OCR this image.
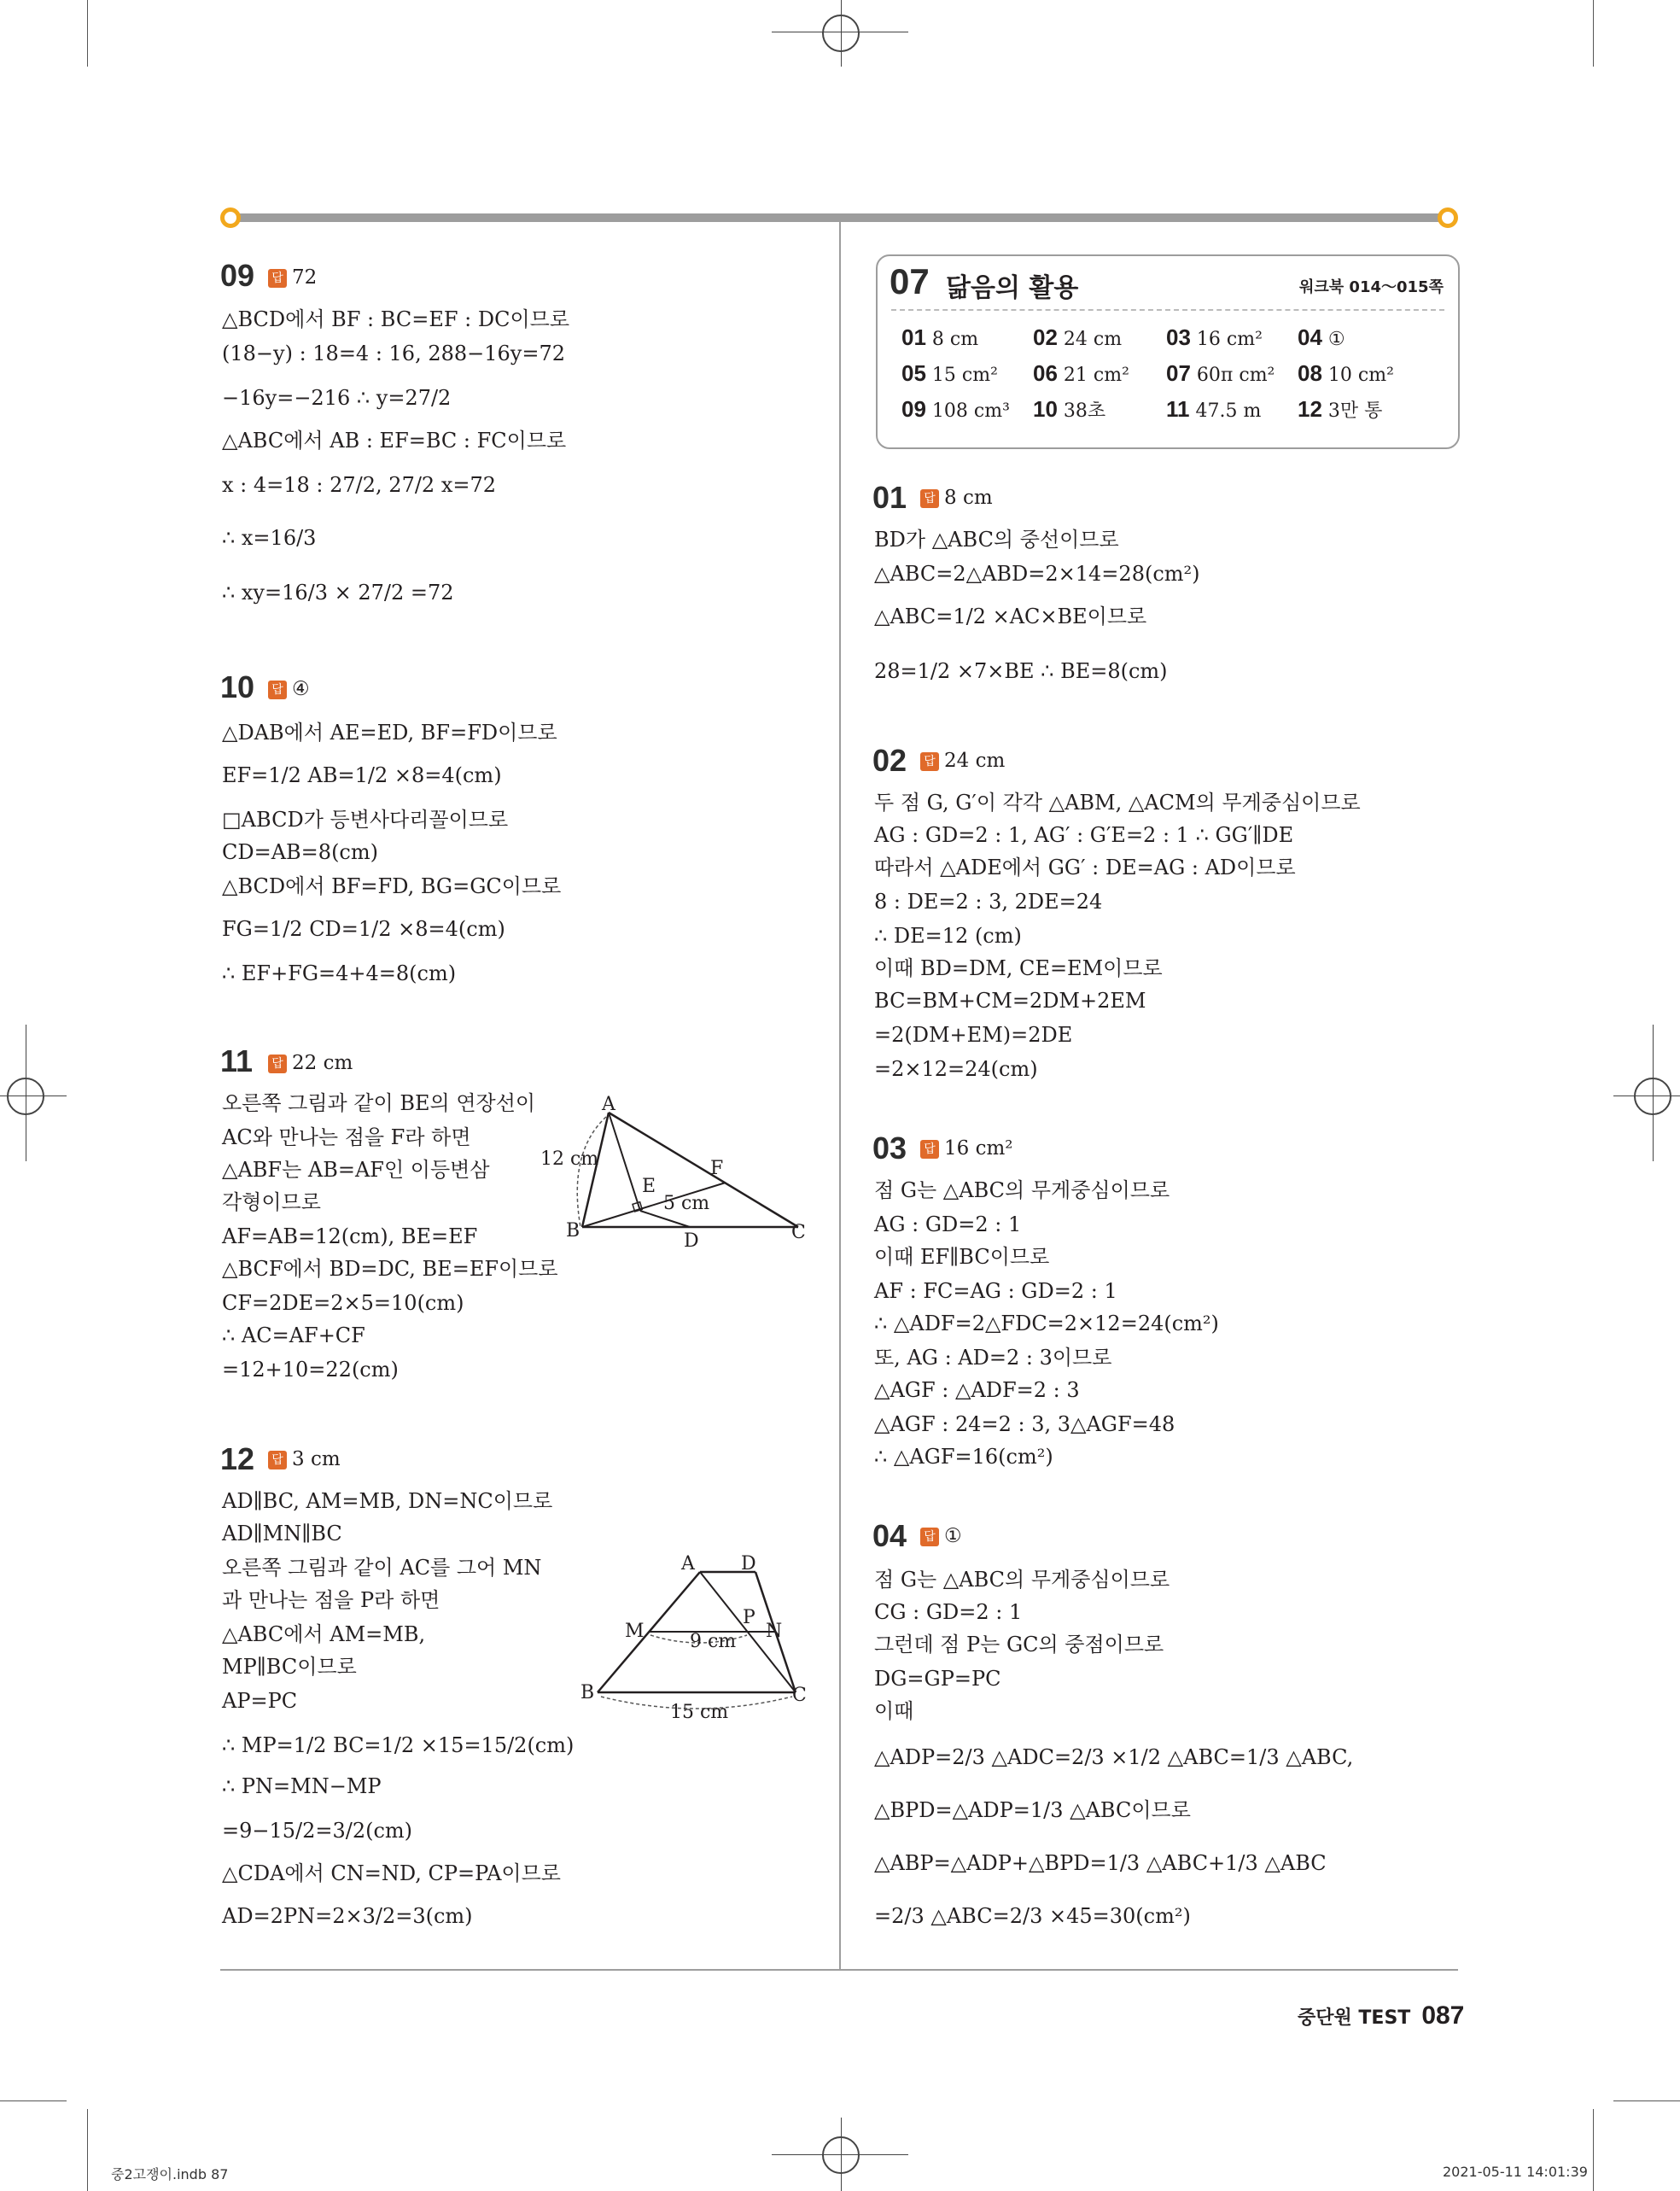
09	답 72
△BCD에서 BF : BC=EF : DC이므로
(18−y) : 18=4 : 16, 288−16y=72
−16y=−216 ∴ y=27/2
△ABC에서 AB : EF=BC : FC이므로
x : 4=18 : 27/2, 27/2 x=72
∴ x=16/3
∴ xy=16/3 × 27/2 =72
10	답 ④
△DAB에서 AE=ED, BF=FD이므로
EF=1/2 AB=1/2 ×8=4(cm)
□ABCD가 등변사다리꼴이므로
CD=AB=8(cm)
△BCD에서 BF=FD, BG=GC이므로
FG=1/2 CD=1/2 ×8=4(cm)
∴ EF+FG=4+4=8(cm)
11	답 22 cm
오른쪽 그림과 같이 BE의 연장선이
AC와 만나는 점을 F라 하면
△ABF는 AB=AF인 이등변삼
각형이므로
AF=AB=12(cm), BE=EF
△BCF에서 BD=DC, BE=EF이므로
CF=2DE=2×5=10(cm)
∴ AC=AF+CF
=12+10=22(cm)
A
B	C
D
E
F
12 cm
5 cm
12	답 3 cm
AD∥BC, AM=MB, DN=NC이므로
AD∥MN∥BC
오른쪽 그림과 같이 AC를 그어 MN
과 만나는 점을 P라 하면
△ABC에서 AM=MB,
MP∥BC이므로
AP=PC
∴ MP=1/2 BC=1/2 ×15=15/2(cm)
∴ PN=MN−MP
=9−15/2=3/2(cm)
△CDA에서 CN=ND, CP=PA이므로
AD=2PN=2×3/2=3(cm)
A D
M	N
P
B	C
9 cm
15 cm
07 닮음의 활용	워크북 014～015쪽
01 8 cm 02 24 cm 03 16 cm² 04 ①
05 15 cm² 06 21 cm² 07 60π cm² 08 10 cm²
09 108 cm³ 10 38초	11 47.5 m 12 3만 통
01	답 8 cm
BD가 △ABC의 중선이므로
△ABC=2△ABD=2×14=28(cm²)
△ABC=1/2 ×AC×BE이므로
28=1/2 ×7×BE ∴ BE=8(cm)
02	답 24 cm
두 점 G, G′이 각각 △ABM, △ACM의 무게중심이므로
AG : GD=2 : 1, AG′ : G′E=2 : 1 ∴ GG′∥DE
따라서 △ADE에서 GG′ : DE=AG : AD이므로
8 : DE=2 : 3, 2DE=24
∴ DE=12 (cm)
이때 BD=DM, CE=EM이므로
BC=BM+CM=2DM+2EM
=2(DM+EM)=2DE
=2×12=24(cm)
03	답 16 cm²
점 G는 △ABC의 무게중심이므로
AG : GD=2 : 1
이때 EF∥BC이므로
AF : FC=AG : GD=2 : 1
∴ △ADF=2△FDC=2×12=24(cm²)
또, AG : AD=2 : 3이므로
△AGF : △ADF=2 : 3
△AGF : 24=2 : 3, 3△AGF=48
∴ △AGF=16(cm²)
04	답 ①
점 G는 △ABC의 무게중심이므로
CG : GD=2 : 1
그런데 점 P는 GC의 중점이므로
DG=GP=PC
이때
△ADP=2/3 △ADC=2/3 ×1/2 △ABC=1/3 △ABC,
△BPD=△ADP=1/3 △ABC이므로
△ABP=△ADP+△BPD=1/3 △ABC+1/3 △ABC
=2/3 △ABC=2/3 ×45=30(cm²)
중단원 TEST 087
중2고쟁이.indb 87	2021-05-11 14:01:39
